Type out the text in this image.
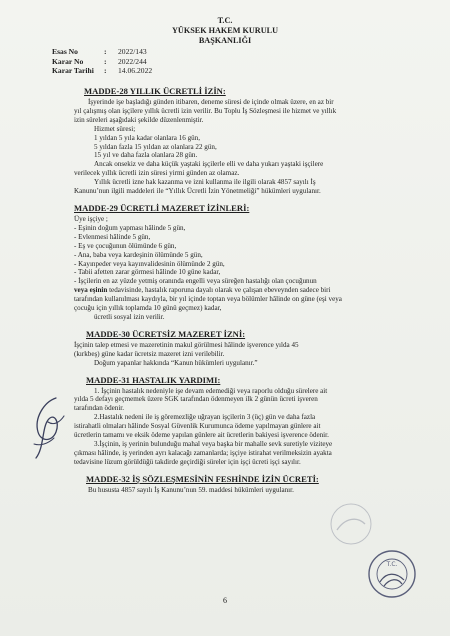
T.C.
YÜKSEK HAKEM KURULU
BAŞKANLIĞI
Esas No	:	2022/143
Karar No	:	2022/244
Karar Tarihi	:	14.06.2022
MADDE-28 YILLIK ÜCRETLİ İZİN:
İşyerinde işe başladığı günden itibaren, deneme süresi de içinde olmak üzere, en az bir
yıl çalışmış olan işçilere yıllık ücretli izin verilir. Bu Toplu İş Sözleşmesi ile hizmet ve yıllık
izin süreleri aşağıdaki şekilde düzenlenmiştir.
Hizmet süresi;
1 yıldan 5 yıla kadar olanlara 16 gün,
5 yıldan fazla 15 yıldan az olanlara 22 gün,
15 yıl ve daha fazla olanlara 28 gün.
Ancak onsekiz ve daha küçük yaştaki işçilerle elli ve daha yukarı yaştaki işçilere
verilecek yıllık ücretli izin süresi yirmi günden az olamaz.
Yıllık ücretli izne hak kazanma ve izni kullanma ile ilgili olarak 4857 sayılı İş
Kanunu’nun ilgili maddeleri ile “Yıllık Ücretli İzin Yönetmeliği” hükümleri uygulanır.
MADDE-29 ÜCRETLİ MAZERET İZİNLERİ:
Üye işçiye ;
- Eşinin doğum yapması hâlinde 5 gün,
- Evlenmesi hâlinde 5 gün,
- Eş ve çocuğunun ölümünde 6 gün,
- Ana, baba veya kardeşinin ölümünde 5 gün,
- Kayınpeder veya kayınvalidesinin ölümünde 2 gün,
- Tabii afetten zarar görmesi hâlinde 10 güne kadar,
- İşçilerin en az yüzde yetmiş oranında engelli veya süreğen hastalığı olan çocuğunun
veya eşinin tedavisinde, hastalık raporuna dayalı olarak ve çalışan ebeveynden sadece biri
tarafından kullanılması kaydıyla, bir yıl içinde toptan veya bölümler hâlinde on güne (eşi veya
çocuğu için yıllık toplamda 10 günü geçmez) kadar,
ücretli sosyal izin verilir.
MADDE-30 ÜCRETSİZ MAZERET İZNİ:
İşçinin talep etmesi ve mazeretinin makul görülmesi hâlinde işverence yılda 45
(kırkbeş) güne kadar ücretsiz mazeret izni verilebilir.
Doğum yapanlar hakkında “Kanun hükümleri uygulanır.”
MADDE-31 HASTALIK YARDIMI:
1. İşçinin hastalık nedeniyle işe devam edemediği veya raporlu olduğu sürelere ait
yılda 5 defayı geçmemek üzere SGK tarafından ödenmeyen ilk 2 günün ücreti işveren
tarafından ödenir.
2.Hastalık nedeni ile iş göremezliğe uğrayan işçilerin 3 (üç) gün ve daha fazla
istirahatli olmaları hâlinde Sosyal Güvenlik Kurumunca ödeme yapılmayan günlere ait
ücretlerin tamamı ve eksik ödeme yapılan günlere ait ücretlerin bakiyesi işverence ödenir.
3.İşçinin, iş yerinin bulunduğu mahal veya başka bir mahalle sevk suretiyle viziteye
çıkması hâlinde, iş yerinden ayrı kalacağı zamanlarda; işçiye istirahat verilmeksizin ayakta
tedavisine lüzum görüldüğü takdirde geçirdiği süreler için işçi ücreti işçi sayılır.
MADDE-32 İŞ SÖZLEŞMESİNİN FESHİNDE İZİN ÜCRETİ:
Bu hususta 4857 sayılı İş Kanunu’nun 59. maddesi hükümleri uygulanır.
T.C.
6
